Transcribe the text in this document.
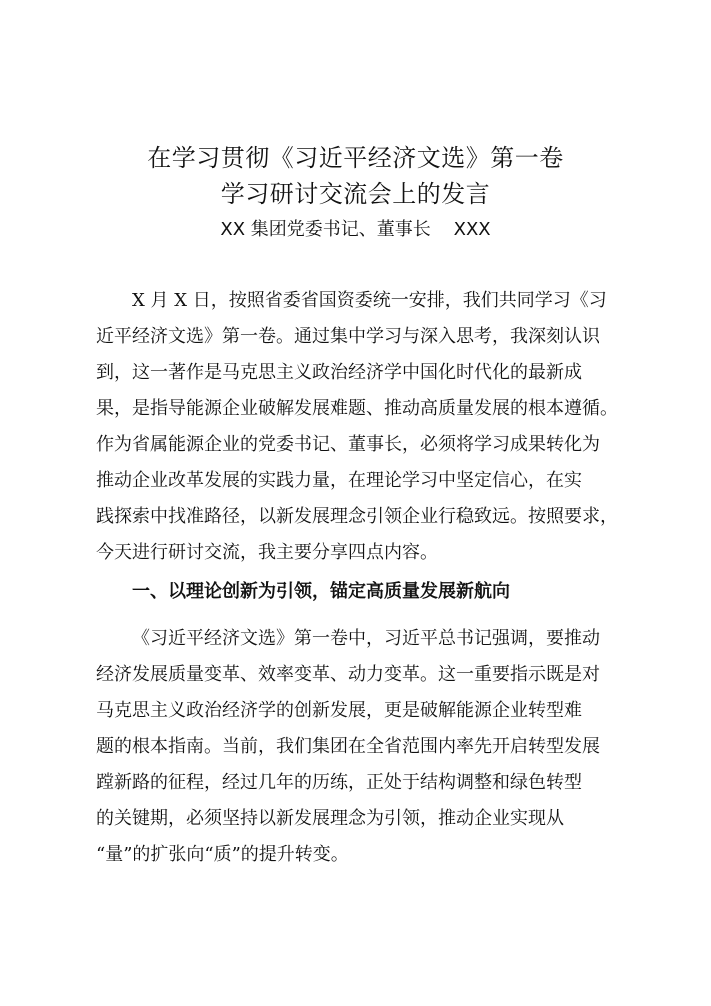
在学习贯彻《习近平经济文选》第一卷
学习研讨交流会上的发言
XX 集团党委书记、董事长    XXX
X 月 X 日，按照省委省国资委统一安排，我们共同学习《习
近平经济文选》第一卷。通过集中学习与深入思考，我深刻认识
到，这一著作是马克思主义政治经济学中国化时代化的最新成
果，是指导能源企业破解发展难题、推动高质量发展的根本遵循。
作为省属能源企业的党委书记、董事长，必须将学习成果转化为
推动企业改革发展的实践力量，在理论学习中坚定信心，在实
践探索中找准路径，以新发展理念引领企业行稳致远。按照要求，
今天进行研讨交流，我主要分享四点内容。
一、以理论创新为引领，锚定高质量发展新航向
《习近平经济文选》第一卷中，习近平总书记强调，要推动
经济发展质量变革、效率变革、动力变革。这一重要指示既是对
马克思主义政治经济学的创新发展，更是破解能源企业转型难
题的根本指南。当前，我们集团在全省范围内率先开启转型发展
蹚新路的征程，经过几年的历练，正处于结构调整和绿色转型
的关键期，必须坚持以新发展理念为引领，推动企业实现从
“量”的扩张向“质”的提升转变。
